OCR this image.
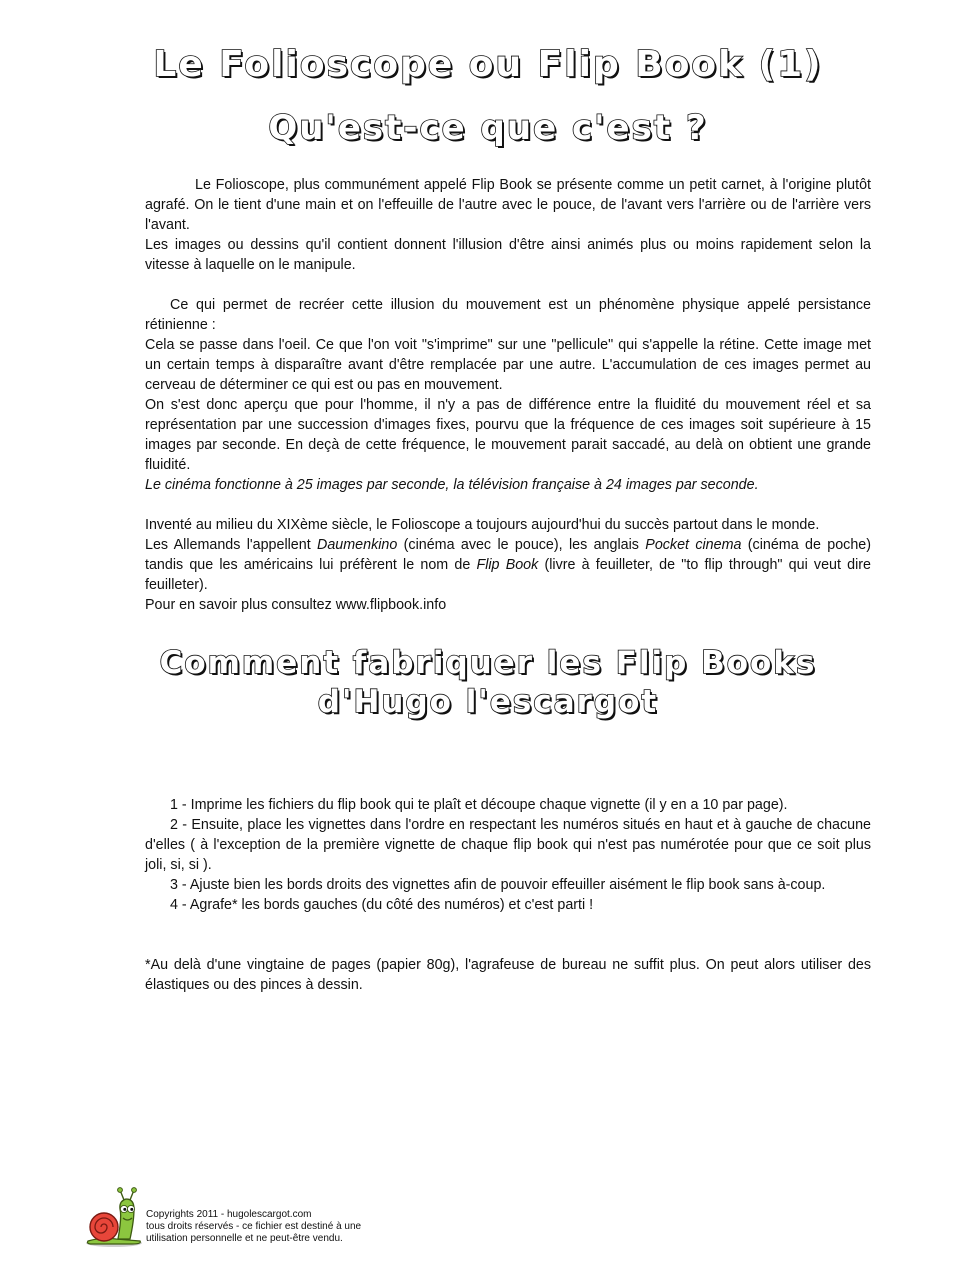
Le Folioscope ou Flip Book (1)
Qu'est-ce que c'est ?

Le Folioscope, plus communément appelé Flip Book se présente comme un petit carnet, à l'origine plutôt agrafé. On le tient d'une main et on l'effeuille de l'autre avec le pouce, de l'avant vers l'arrière ou de l'arrière vers l'avant.

Les images ou dessins qu'il contient donnent l'illusion d'être ainsi animés plus ou moins rapidement selon la vitesse à laquelle on le manipule.

Ce qui permet de recréer cette illusion du mouvement est un phénomène physique appelé persistance rétinienne :

Cela se passe dans l'oeil. Ce que l'on voit "s'imprime" sur une "pellicule" qui s'appelle la rétine. Cette image met un certain temps à disparaître avant d'être remplacée par une autre. L'accumulation de ces images permet au cerveau de déterminer ce qui est ou pas en mouvement.

On s'est donc aperçu que pour l'homme, il n'y a pas de différence entre la fluidité du mouvement réel et sa représentation par une succession d'images fixes, pourvu que la fréquence de ces images soit supérieure à 15 images par seconde. En deçà de cette fréquence, le mouvement parait saccadé, au delà on obtient une grande fluidité.

Le cinéma fonctionne à 25 images par seconde, la télévision française à 24 images par seconde.

Inventé au milieu du XIXème siècle, le Folioscope a toujours aujourd'hui du succès partout dans le monde.

Les Allemands l'appellent Daumenkino (cinéma avec le pouce), les anglais Pocket cinema (cinéma de poche) tandis que les américains lui préfèrent le nom de Flip Book (livre à feuilleter, de "to flip through" qui veut dire feuilleter).

Pour en savoir plus consultez www.flipbook.info

Comment fabriquer les Flip Books
d'Hugo l'escargot

1 - Imprime les fichiers du flip book qui te plaît et découpe chaque vignette (il y en a 10 par page).

2 - Ensuite, place les vignettes dans l'ordre en respectant les numéros situés en haut et à gauche de chacune d'elles ( à l'exception de la première vignette de chaque flip book qui n'est pas numérotée pour que ce soit plus joli, si, si ).

3 - Ajuste bien les bords droits des vignettes afin de pouvoir effeuiller aisément le flip book sans à-coup.

4 - Agrafe* les bords gauches (du côté des numéros) et c'est parti !

*Au delà d'une vingtaine de pages (papier 80g), l'agrafeuse de bureau ne suffit plus. On peut alors utiliser des élastiques ou des pinces à dessin.

Copyrights 2011 - hugolescargot.com
tous droits réservés - ce fichier est destiné à une
utilisation personnelle et ne peut-être vendu.
